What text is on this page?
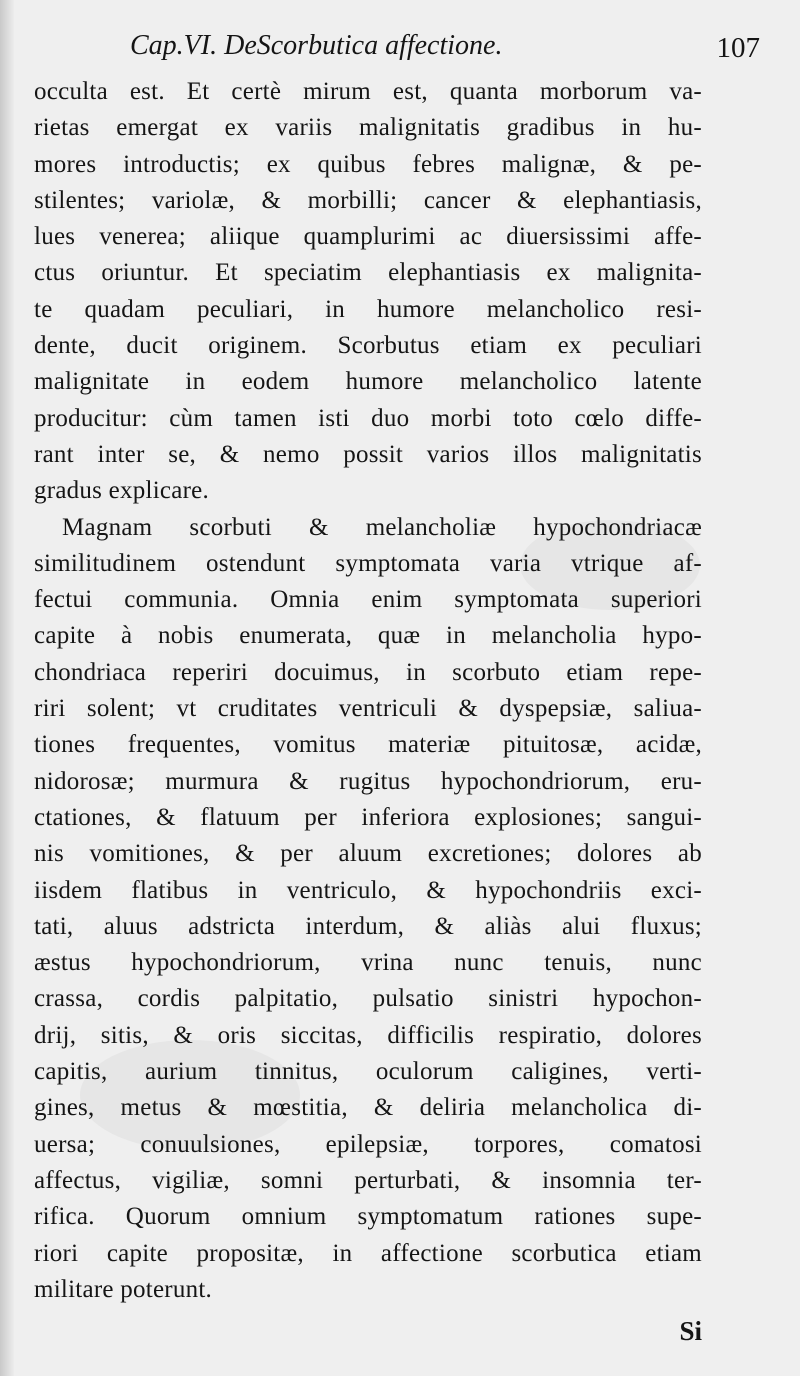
Cap.VI. DeScorbutica affectione.	107
occulta est. Et certè mirum est, quanta morborum va-
rietas emergat ex variis malignitatis gradibus in hu-
mores introductis; ex quibus febres malignæ, & pe-
stilentes; variolæ, & morbilli; cancer & elephantiasis,
lues venerea; aliique quamplurimi ac diuersissimi affe-
ctus oriuntur. Et speciatim elephantiasis ex malignita-
te quadam peculiari, in humore melancholico resi-
dente, ducit originem. Scorbutus etiam ex peculiari
malignitate in eodem humore melancholico latente
producitur: cùm tamen isti duo morbi toto cœlo diffe-
rant inter se, & nemo possit varios illos malignitatis
gradus explicare.
Magnam scorbuti & melancholiæ hypochondriacæ
similitudinem ostendunt symptomata varia vtrique af-
fectui communia. Omnia enim symptomata superiori
capite à nobis enumerata, quæ in melancholia hypo-
chondriaca reperiri docuimus, in scorbuto etiam repe-
riri solent; vt cruditates ventriculi & dyspepsiæ, saliua-
tiones frequentes, vomitus materiæ pituitosæ, acidæ,
nidorosæ; murmura & rugitus hypochondriorum, eru-
ctationes, & flatuum per inferiora explosiones; sangui-
nis vomitiones, & per aluum excretiones; dolores ab
iisdem flatibus in ventriculo, & hypochondriis exci-
tati, aluus adstricta interdum, & aliàs alui fluxus;
æstus hypochondriorum, vrina nunc tenuis, nunc
crassa, cordis palpitatio, pulsatio sinistri hypochon-
drij, sitis, & oris siccitas, difficilis respiratio, dolores
capitis, aurium tinnitus, oculorum caligines, verti-
gines, metus & mœstitia, & deliria melancholica di-
uersa; conuulsiones, epilepsiæ, torpores, comatosi
affectus, vigiliæ, somni perturbati, & insomnia ter-
rifica. Quorum omnium symptomatum rationes supe-
riori capite propositæ, in affectione scorbutica etiam
militare poterunt.
Si
